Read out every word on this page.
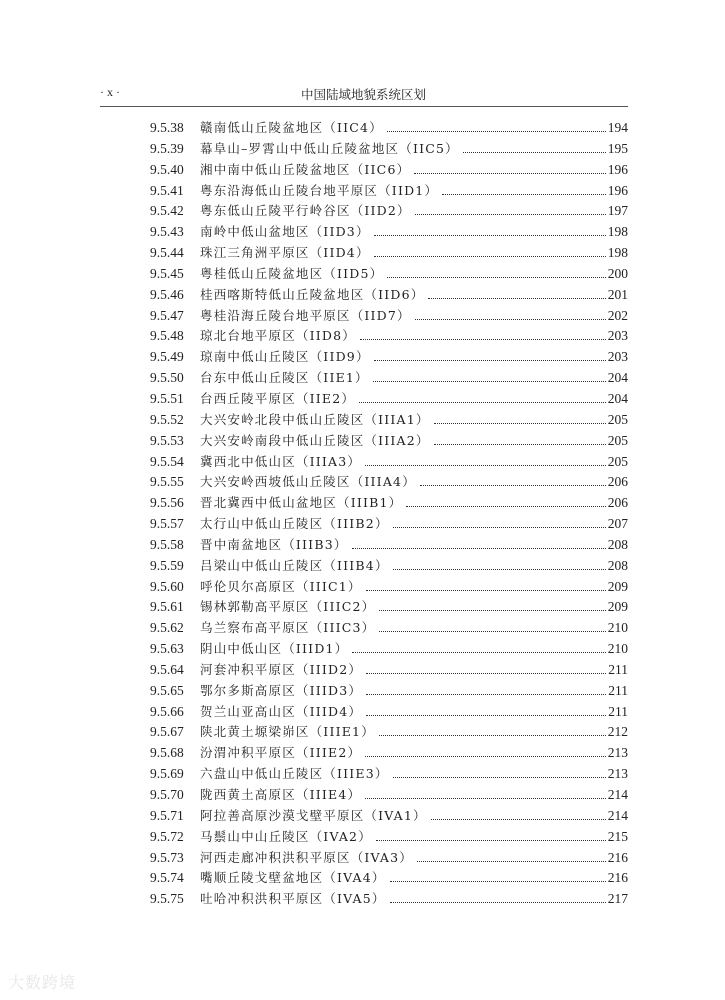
· x ·	中国陆域地貌系统区划
9.5.38	赣南低山丘陵盆地区（IIC4）	194
9.5.39	幕阜山–罗霄山中低山丘陵盆地区（IIC5）	195
9.5.40	湘中南中低山丘陵盆地区（IIC6）	196
9.5.41	粤东沿海低山丘陵台地平原区（IID1）	196
9.5.42	粤东低山丘陵平行岭谷区（IID2）	197
9.5.43	南岭中低山盆地区（IID3）	198
9.5.44	珠江三角洲平原区（IID4）	198
9.5.45	粤桂低山丘陵盆地区（IID5）	200
9.5.46	桂西喀斯特低山丘陵盆地区（IID6）	201
9.5.47	粤桂沿海丘陵台地平原区（IID7）	202
9.5.48	琼北台地平原区（IID8）	203
9.5.49	琼南中低山丘陵区（IID9）	203
9.5.50	台东中低山丘陵区（IIE1）	204
9.5.51	台西丘陵平原区（IIE2）	204
9.5.52	大兴安岭北段中低山丘陵区（IIIA1）	205
9.5.53	大兴安岭南段中低山丘陵区（IIIA2）	205
9.5.54	冀西北中低山区（IIIA3）	205
9.5.55	大兴安岭西坡低山丘陵区（IIIA4）	206
9.5.56	晋北冀西中低山盆地区（IIIB1）	206
9.5.57	太行山中低山丘陵区（IIIB2）	207
9.5.58	晋中南盆地区（IIIB3）	208
9.5.59	吕梁山中低山丘陵区（IIIB4）	208
9.5.60	呼伦贝尔高原区（IIIC1）	209
9.5.61	锡林郭勒高平原区（IIIC2）	209
9.5.62	乌兰察布高平原区（IIIC3）	210
9.5.63	阴山中低山区（IIID1）	210
9.5.64	河套冲积平原区（IIID2）	211
9.5.65	鄂尔多斯高原区（IIID3）	211
9.5.66	贺兰山亚高山区（IIID4）	211
9.5.67	陕北黄土塬梁峁区（IIIE1）	212
9.5.68	汾渭冲积平原区（IIIE2）	213
9.5.69	六盘山中低山丘陵区（IIIE3）	213
9.5.70	陇西黄土高原区（IIIE4）	214
9.5.71	阿拉善高原沙漠戈壁平原区（IVA1）	214
9.5.72	马鬃山中山丘陵区（IVA2）	215
9.5.73	河西走廊冲积洪积平原区（IVA3）	216
9.5.74	嘴顺丘陵戈壁盆地区（IVA4）	216
9.5.75	吐哈冲积洪积平原区（IVA5）	217
大数跨境
